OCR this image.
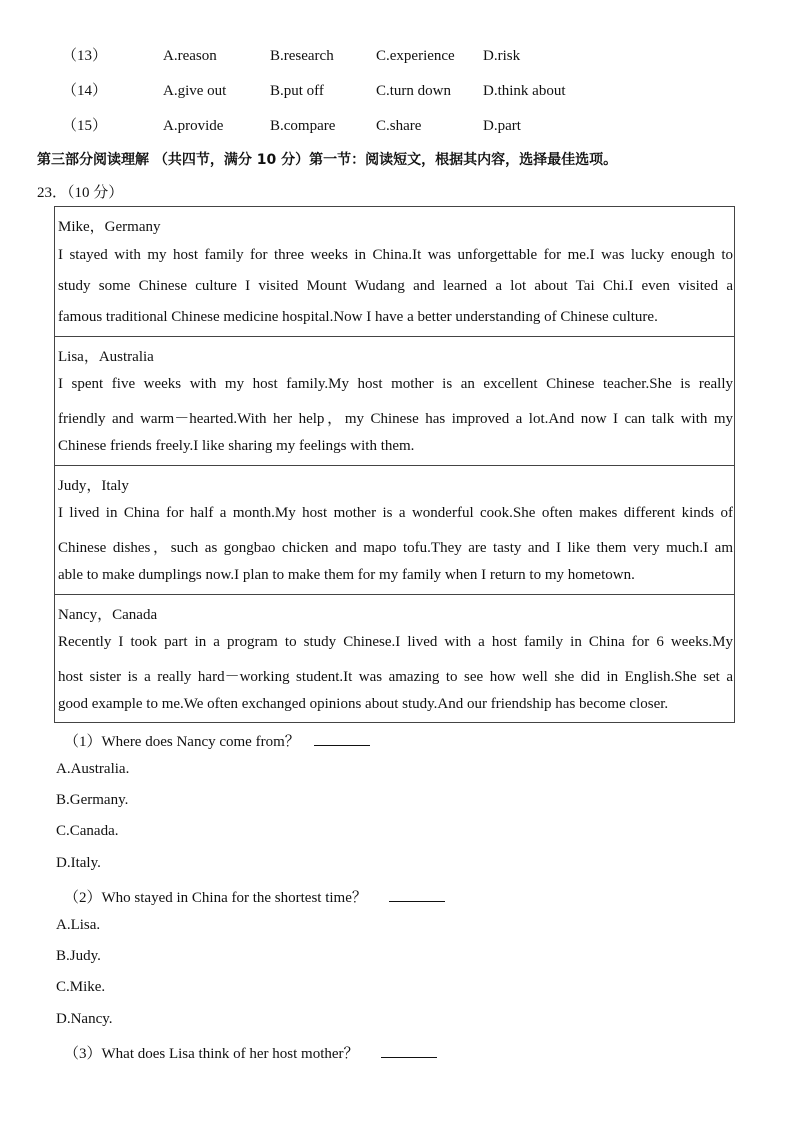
（13）	A.reason	B.research	C.experience D.risk
（14）	A.give out	B.put off	C.turn down D.think about
（15）	A.provide	B.compare	C.share	D.part
第三部分阅读理解 （共四节，满分 10 分）第一节：阅读短文，根据其内容，选择最佳选项。
23．（10 分）
Mike，Germany
I stayed with my host family for three weeks in China.It was unforgettable for me.I was lucky enough to
study some Chinese culture I visited Mount Wudang and learned a lot about Tai Chi.I even visited a
famous traditional Chinese medicine hospital.Now I have a better understanding of Chinese culture.
Lisa，Australia
I spent five weeks with my host family.My host mother is an excellent Chinese teacher.She is really
friendly and warm－hearted.With her help，my Chinese has improved a lot.And now I can talk with my
Chinese friends freely.I like sharing my feelings with them.
Judy，Italy
I lived in China for half a month.My host mother is a wonderful cook.She often makes different kinds of
Chinese dishes，such as gongbao chicken and mapo tofu.They are tasty and I like them very much.I am
able to make dumplings now.I plan to make them for my family when I return to my hometown.
Nancy，Canada
Recently I took part in a program to study Chinese.I lived with a host family in China for 6 weeks.My
host sister is a really hard－working student.It was amazing to see how well she did in English.She set a
good example to me.We often exchanged opinions about study.And our friendship has become closer.
（1）Where does Nancy come from？
A.Australia.
B.Germany.
C.Canada.
D.Italy.
（2）Who stayed in China for the shortest time？
A.Lisa.
B.Judy.
C.Mike.
D.Nancy.
（3）What does Lisa think of her host mother？
